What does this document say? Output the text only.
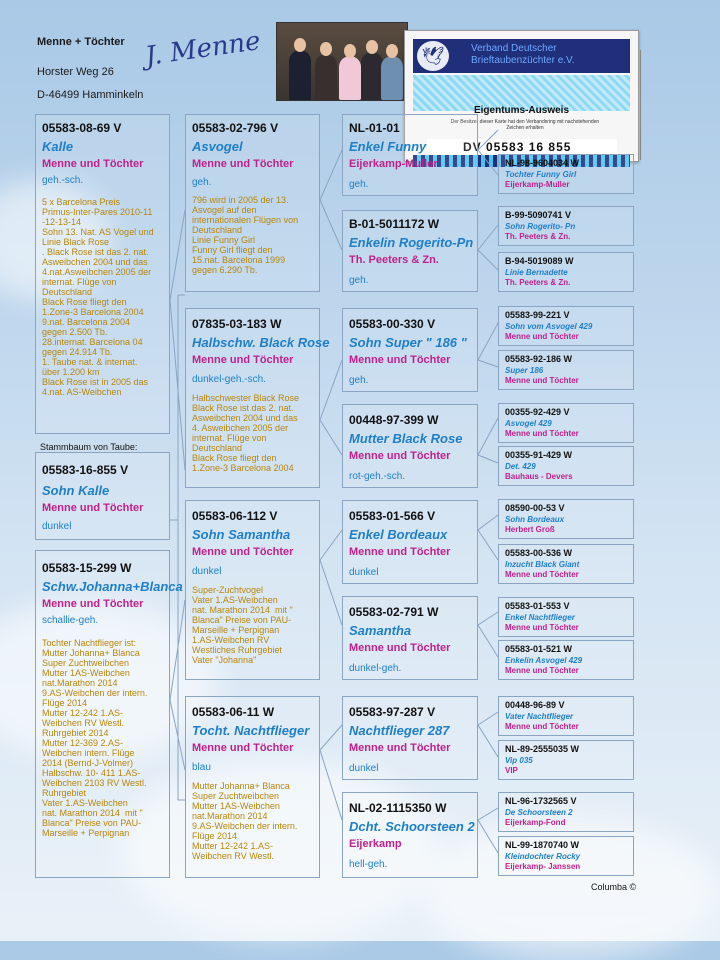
Menne + Töchter
Horster Weg 26
D-46499 Hamminkeln
J. Menne	🕊	Verband Deutscher Brieftaubenzüchter e.V.
Eigentums-Ausweis
Der Besitzer dieser Karte hat den Verbandsring mit nachstehenden Zeichen erhalten
DV 05583 16 855
05583-08-69 V
Kalle
Menne und Töchter
geh.-sch.
5 x Barcelona Preis
Primus-Inter-Pares 2010-11
-12-13-14
Sohn 13. Nat. AS Vogel und
Linie Black Rose
. Black Rose ist das 2. nat.
Asweibchen 2004 und das
4.nat.Asweibchen 2005 der
internat. Flüge von
Deutschland
Black Rose fliegt den
1.Zone-3 Barcelona 2004
9.nat. Barcelona 2004
gegen 2.500 Tb.
28.internat. Barcelona 04
gegen 24.914 Tb.
1. Taube nat. & internat.
über 1.200 km
Black Rose ist in 2005 das
4.nat. AS-Weibchen
Stammbaum von Taube:
05583-16-855 V
Sohn Kalle
Menne und Töchter
dunkel
05583-15-299 W
Schw.Johanna+Blanca
Menne und Töchter
schallie-geh.
Tochter Nachtflieger ist:
Mutter Johanna+ Blanca
Super Zuchtweibchen
Mutter 1AS-Weibchen
nat.Marathon 2014
9.AS-Weibchen der intern.
Flüge 2014
Mutter 12-242 1.AS-
Weibchen RV Westl.
Ruhrgebiet 2014
Mutter 12-369 2.AS-
Weibchen intern. Flüge
2014 (Bernd-J-Volmer)
Halbschw. 10- 411 1.AS-
Weibchen 2103 RV Westl.
Ruhrgebiet
Vater 1.AS-Weibchen
nat. Marathon 2014  mit "
Blanca" Preise von PAU-
Marseille + Perpignan
05583-02-796 V
Asvogel
Menne und Töchter
geh.
796 wird in 2005 der 13.
Asvogel auf den
internationalen Flügen von
Deutschland
Linie Funny Girl
Funny Girl fliegt den
15.nat. Barcelona 1999
gegen 6.290 Tb.
07835-03-183 W
Halbschw. Black Rose
Menne und Töchter
dunkel-geh.-sch.
Halbschwester Black Rose
Black Rose ist das 2. nat.
Asweibchen 2004 und das
4. Asweibchen 2005 der
internat. Flüge von
Deutschland
Black Rose fliegt den
1.Zone-3 Barcelona 2004
05583-06-112 V
Sohn Samantha
Menne und Töchter
dunkel
Super-Zuchtvogel
Vater 1.AS-Weibchen
nat. Marathon 2014  mit "
Blanca" Preise von PAU-
Marseille + Perpignan
1.AS-Weibchen RV
Westliches Ruhrgebiet
Vater "Johanna"
05583-06-11 W
Tocht. Nachtflieger
Menne und Töchter
blau
Mutter Johanna+ Blanca
Super Zuchtweibchen
Mutter 1AS-Weibchen
nat.Marathon 2014
9.AS-Weibchen der intern.
Flüge 2014
Mutter 12-242 1.AS-
Weibchen RV Westl.
NL-01-01
Enkel Funny
Eijerkamp-Muller
geh.
B-01-5011172 W
Enkelin Rogerito-Pn
Th. Peeters & Zn.
geh.
05583-00-330 V
Sohn Super " 186 "
Menne und Töchter
geh.
00448-97-399 W
Mutter Black Rose
Menne und Töchter
rot-geh.-sch.
05583-01-566 V
Enkel Bordeaux
Menne und Töchter
dunkel
05583-02-791 W
Samantha
Menne und Töchter
dunkel-geh.
05583-97-287 V
Nachtflieger 287
Menne und Töchter
dunkel
NL-02-1115350 W
Dcht. Schoorsteen 2
Eijerkamp
hell-geh.
NL-98-9604034 W
Tochter Funny Girl
Eijerkamp-Muller
B-99-5090741 V
Sohn Rogerito- Pn
Th. Peeters & Zn.
B-94-5019089 W
Linie Bernadette
Th. Peeters & Zn.
05583-99-221 V
Sohn vom Asvogel 429
Menne und Töchter
05583-92-186 W
Super 186
Menne und Töchter
00355-92-429 V
Asvogel 429
Menne und Töchter
00355-91-429 W
Det. 429
Bauhaus - Devers
08590-00-53 V
Sohn Bordeaux
Herbert Groß
05583-00-536 W
Inzucht Black Giant
Menne und Töchter
05583-01-553 V
Enkel Nachtflieger
Menne und Töchter
05583-01-521 W
Enkelin Asvogel 429
Menne und Töchter
00448-96-89 V
Vater Nachtflieger
Menne und Töchter
NL-89-2555035 W
Vip 035
VIP
NL-96-1732565 V
De Schoorsteen 2
Eijerkamp-Fond
NL-99-1870740 W
Kleindochter Rocky
Eijerkamp- Janssen
Columba ©
